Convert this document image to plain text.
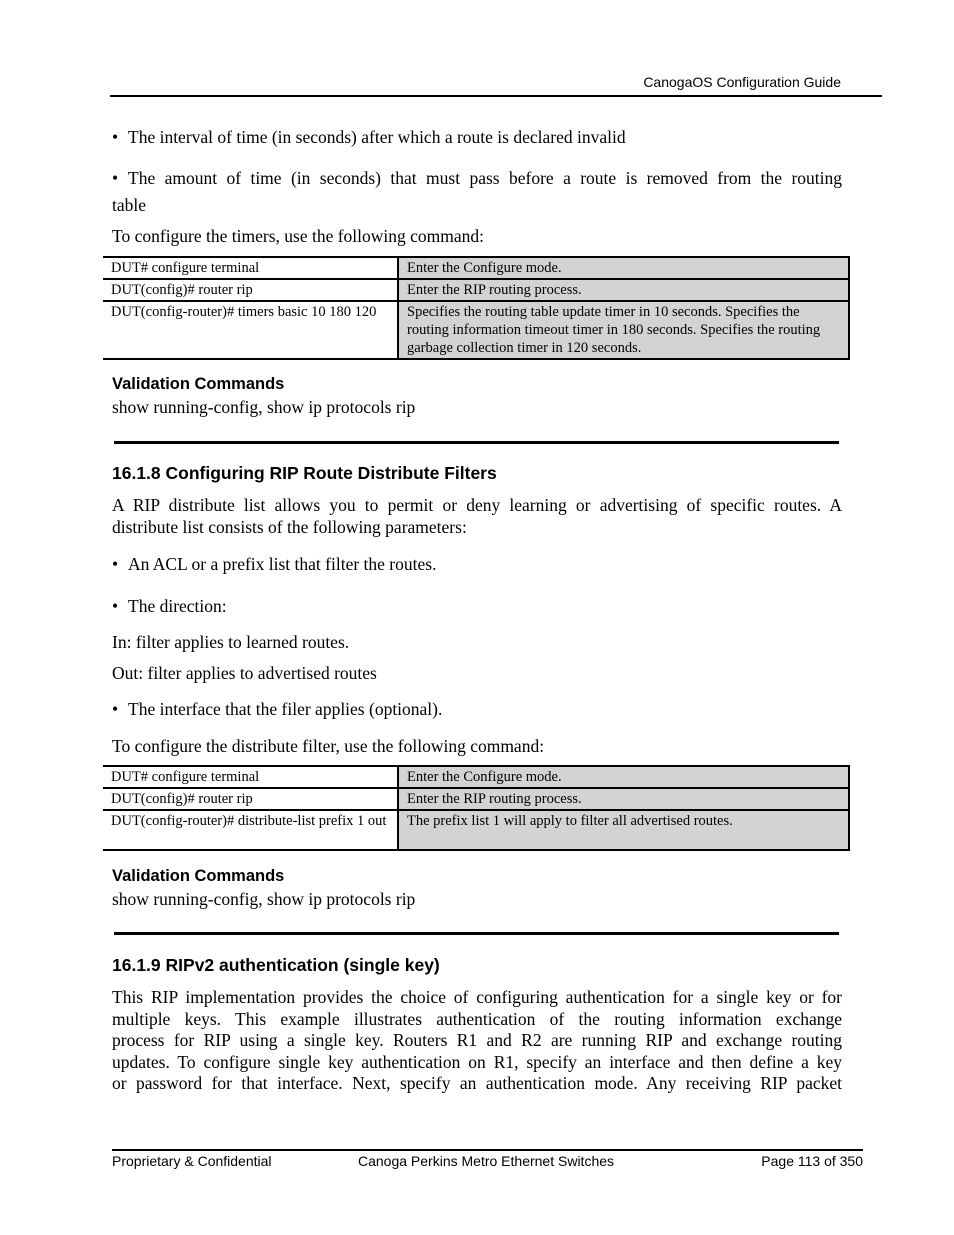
CanogaOS Configuration Guide
• The interval of time (in seconds) after which a route is declared invalid
• The amount of time (in seconds) that must pass before a route is removed from the routing
table
To configure the timers, use the following command:
DUT# configure terminal	Enter the Configure mode.
DUT(config)# router rip	Enter the RIP routing process.
DUT(config-router)# timers basic 10 180 120	Specifies the routing table update timer in 10 seconds. Specifies the routing information timeout timer in 180 seconds. Specifies the routing garbage collection timer in 120 seconds.
Validation Commands
show running-config, show ip protocols rip
16.1.8 Configuring RIP Route Distribute Filters
A RIP distribute list allows you to permit or deny learning or advertising of specific routes. A
distribute list consists of the following parameters:
• An ACL or a prefix list that filter the routes.
• The direction:
In: filter applies to learned routes.
Out: filter applies to advertised routes
• The interface that the filer applies (optional).
To configure the distribute filter, use the following command:
DUT# configure terminal	Enter the Configure mode.
DUT(config)# router rip	Enter the RIP routing process.
DUT(config-router)# distribute-list prefix 1 out	The prefix list 1 will apply to filter all advertised routes.
Validation Commands
show running-config, show ip protocols rip
16.1.9 RIPv2 authentication (single key)
This RIP implementation provides the choice of configuring authentication for a single key or for
multiple keys. This example illustrates authentication of the routing information exchange
process for RIP using a single key. Routers R1 and R2 are running RIP and exchange routing
updates. To configure single key authentication on R1, specify an interface and then define a key
or password for that interface. Next, specify an authentication mode. Any receiving RIP packet
Proprietary & Confidential	Canoga Perkins Metro Ethernet Switches	Page 113 of 350
